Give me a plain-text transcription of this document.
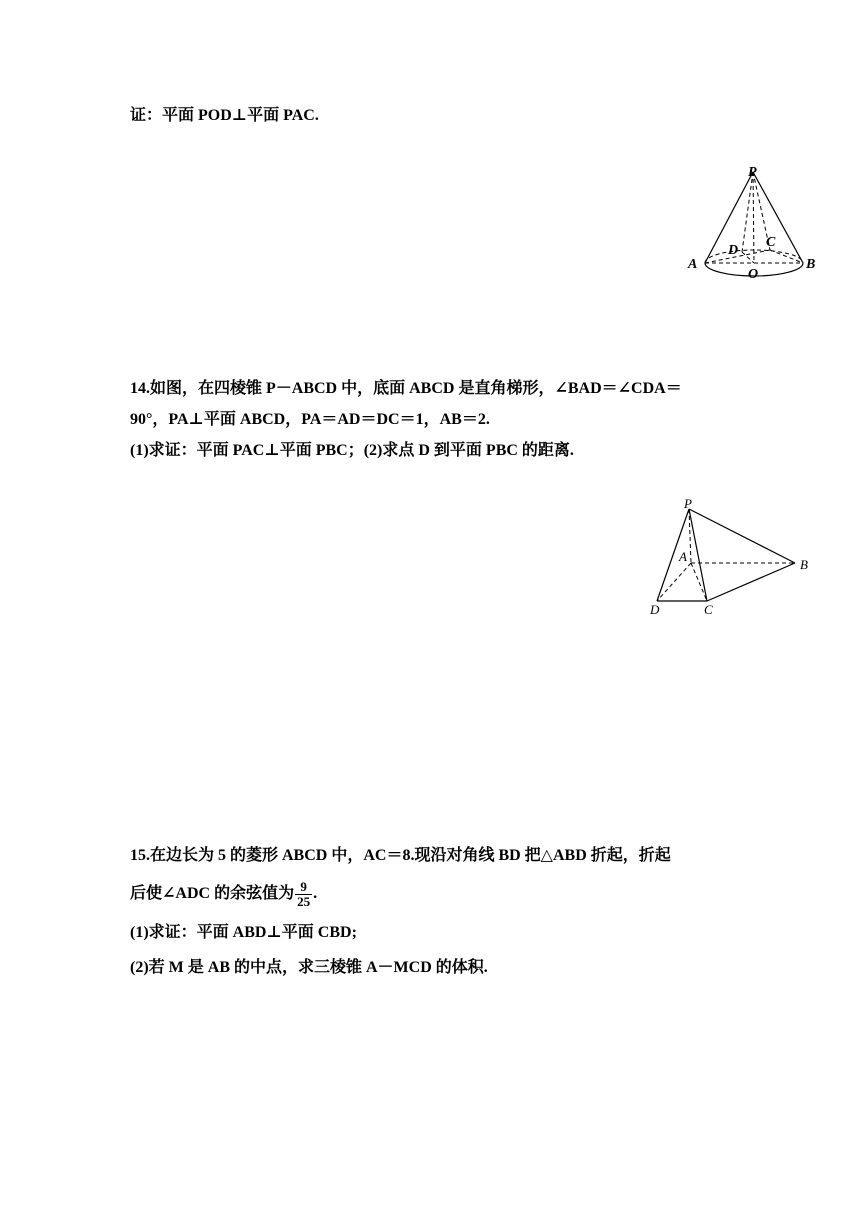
证：平面 POD⊥平面 PAC.
P
A	B
C
D
O
14.如图，在四棱锥 P－ABCD 中，底面 ABCD 是直角梯形，∠BAD＝∠CDA＝
90°，PA⊥平面 ABCD，PA＝AD＝DC＝1，AB＝2.
(1)求证：平面 PAC⊥平面 PBC；(2)求点 D 到平面 PBC 的距离.
P
A
B
C
D
15.在边长为 5 的菱形 ABCD 中，AC＝8.现沿对角线 BD 把△ABD 折起，折起
后使∠ADC 的余弦值为 $\frac{9}{25}$ .
(1)求证：平面 ABD⊥平面 CBD;
(2)若 M 是 AB 的中点，求三棱锥 A－MCD 的体积.
